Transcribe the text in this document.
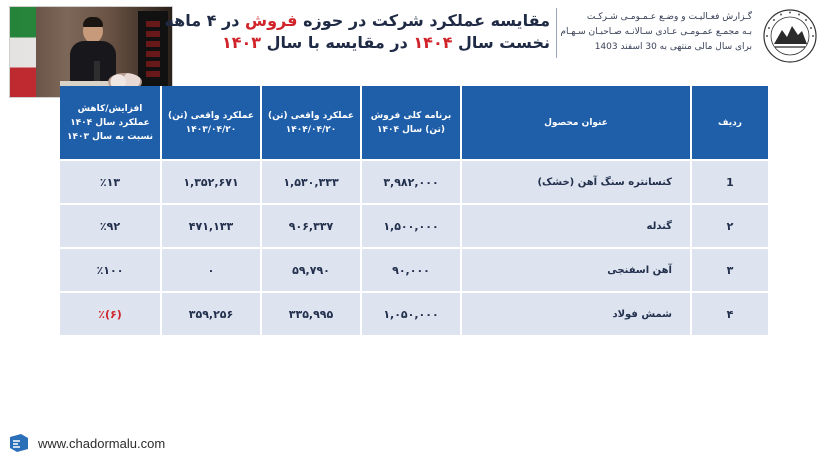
مقایسه عملکرد شرکت در حوزه فروش در ۴ ماهه
نخست سال ۱۴۰۴ در مقایسه با سال ۱۴۰۳
گـزارش فعـالیـت و وضـع عـمـومـی شـرکـت
بـه مجمـع عمـومـی عـادی سـالانـه صـاحبـان سـهـام
برای سال مالی منتهی به 30 اسفند 1403
ردیف	عنوان محصول	برنامه کلی فروش (تن) سال ۱۴۰۴	عملکرد واقعی (تن) ۱۴۰۴/۰۴/۲۰	عملکرد واقعی (تن) ۱۴۰۳/۰۴/۲۰	افزایش/کاهش عملکرد سال ۱۴۰۴ نسبت به سال ۱۴۰۳
1	کنسانتره سنگ آهن (خشک)	۳,۹۸۲,۰۰۰	۱,۵۳۰,۳۳۳	۱,۳۵۲,۶۷۱	٪۱۳
۲	گندله	۱,۵۰۰,۰۰۰	۹۰۶,۳۳۷	۴۷۱,۱۳۳	٪۹۲
۳	آهن اسفنجی	۹۰,۰۰۰	۵۹,۷۹۰	۰	٪۱۰۰
۴	شمش فولاد	۱,۰۵۰,۰۰۰	۳۳۵,۹۹۵	۳۵۹,۲۵۶	(۶)٪
www.chadormalu.com
